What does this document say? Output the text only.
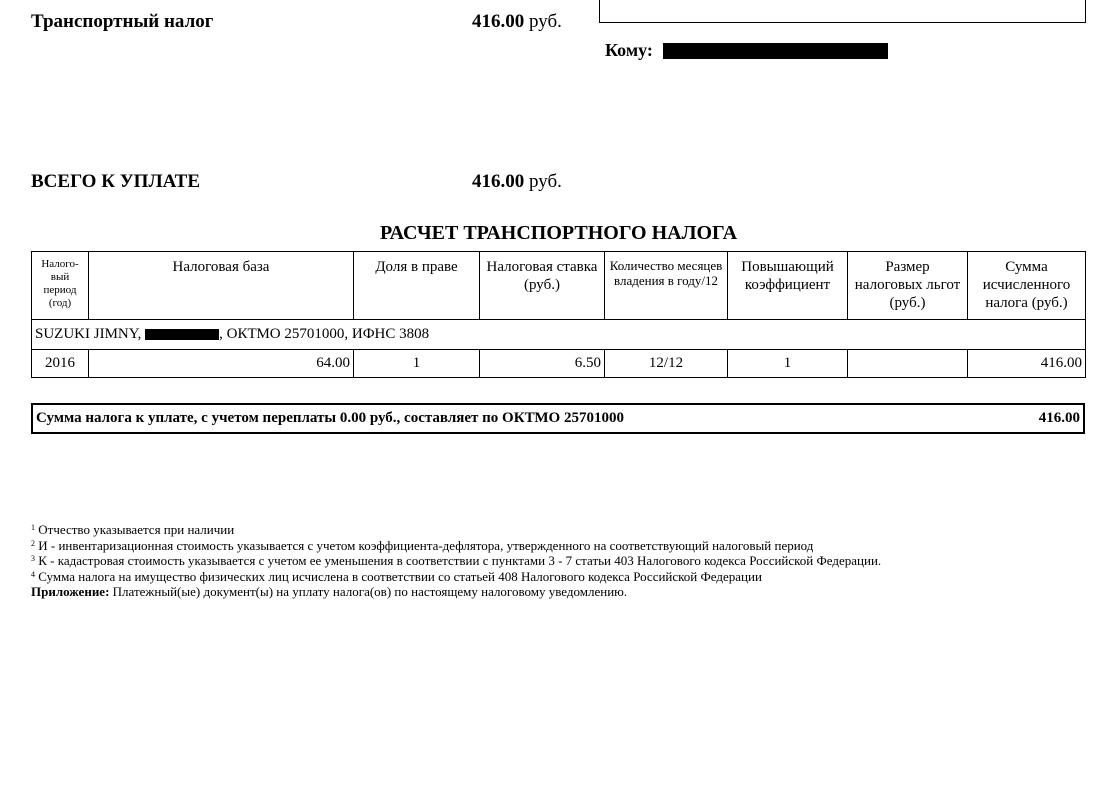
Транспортный налог	416.00 руб.
Кому:
ВСЕГО К УПЛАТЕ	416.00 руб.
РАСЧЕТ ТРАНСПОРТНОГО НАЛОГА
Налого-вый период (год)	Налоговая база	Доля в праве	Налоговая ставка (руб.)	Количество месяцев владения в году/12	Повышающий коэффициент	Размер налоговых льгот (руб.)	Сумма исчисленного налога (руб.)
SUZUKI JIMNY, , ОКТМО 25701000, ИФНС 3808							
2016	64.00	1	6.50	12/12	1		416.00
Сумма налога к уплате, с учетом переплаты 0.00 руб., составляет по ОКТМО 25701000	416.00
$^1$ Отчество указывается при наличии
$^2$ И - инвентаризационная стоимость указывается с учетом коэффициента-дефлятора, утвержденного на соответствующий налоговый период
$^3$ К - кадастровая стоимость указывается с учетом ее уменьшения в соответствии с пунктами 3 - 7 статьи 403 Налогового кодекса Российской Федерации.
$^4$ Сумма налога на имущество физических лиц исчислена в соответствии со статьей 408 Налогового кодекса Российской Федерации
Приложение: Платежный(ые) документ(ы) на уплату налога(ов) по настоящему налоговому уведомлению.
